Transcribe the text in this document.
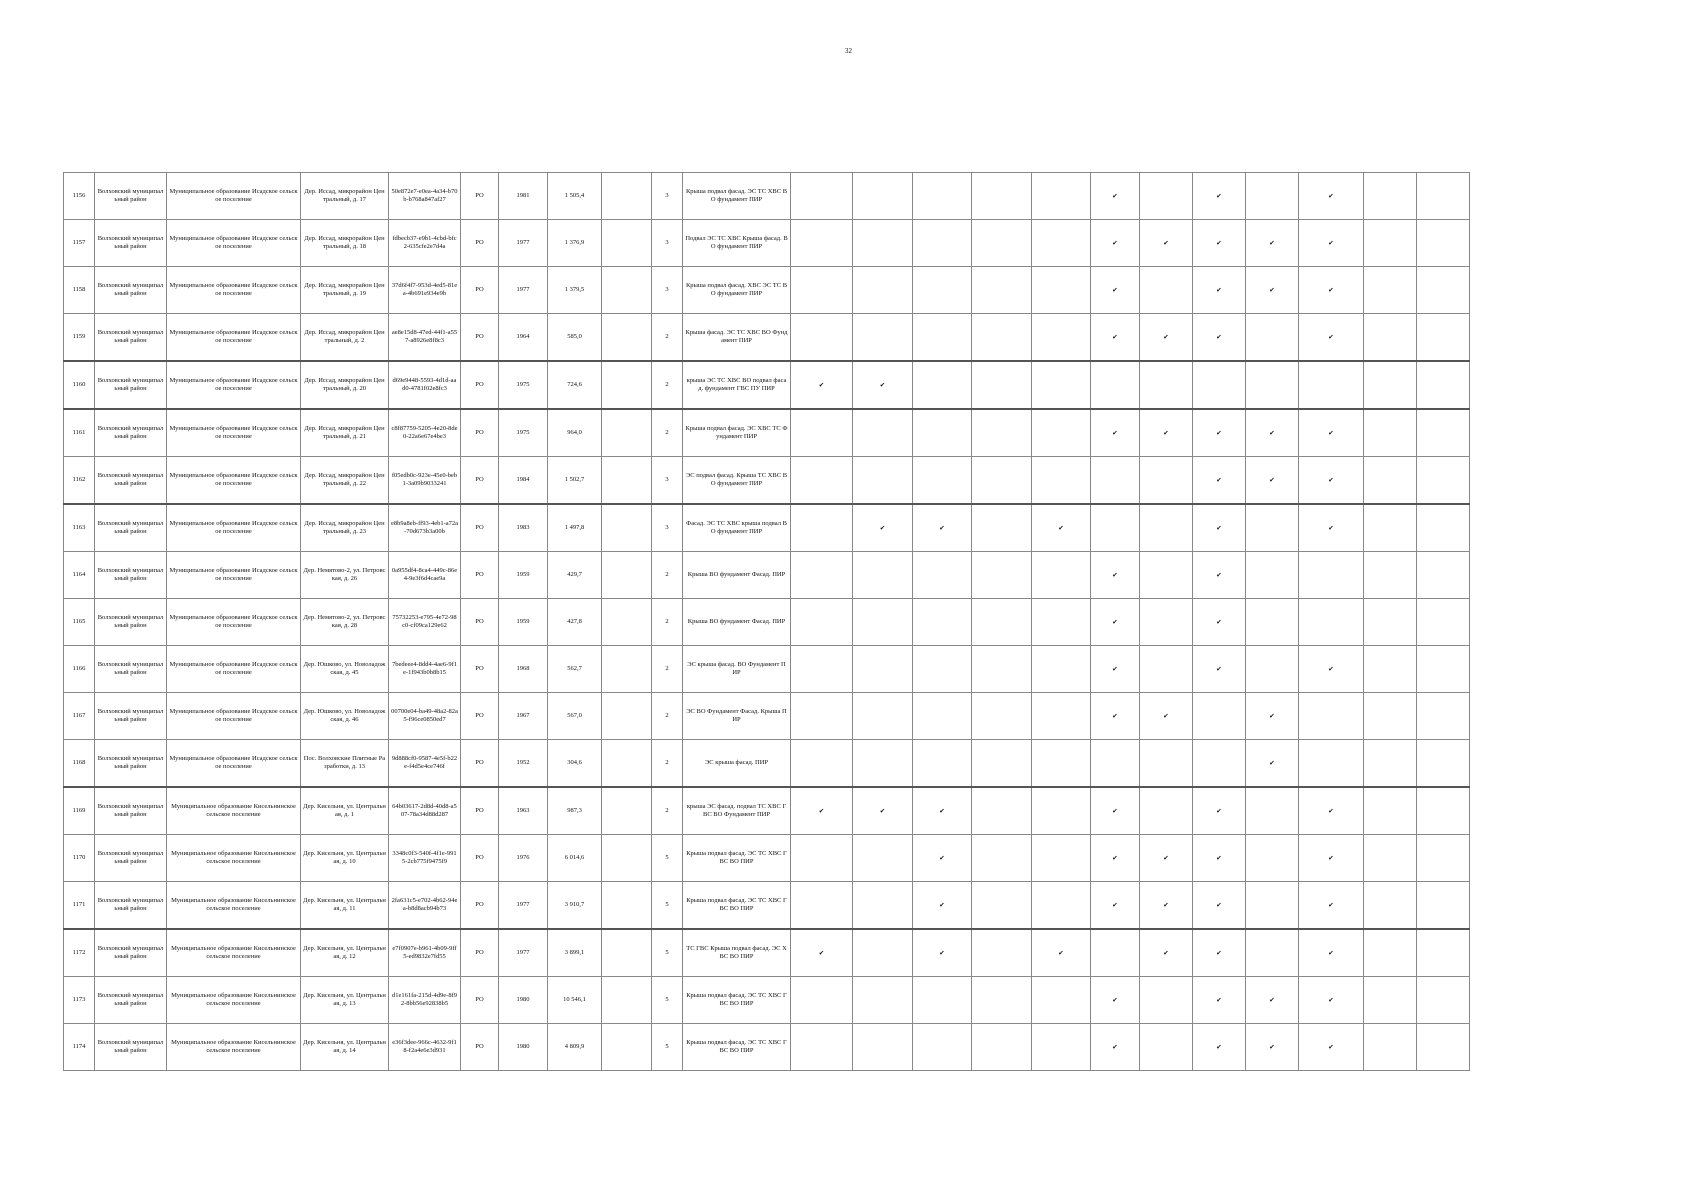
32
1156	Волховский муниципальный район	Муниципальное образование Исадское сельское поселение	Дер. Иссад, микрорайон Центральный, д. 17	50e872e7-e0ea-4a34-b70b-b768a847af27	РО	1981	1 505,4		3	Крыша подвал фасад. ЭС ТС ХВС ВО фундамент ПИР						✔		✔		✔		
1157	Волховский муниципальный район	Муниципальное образование Исадское сельское поселение	Дер. Иссад, микрорайон Центральный, д. 18	fdbecb37-e9b1-4cbd-bfc2-635cfe2e7d4a	РО	1977	1 376,9		3	Подвал ЭС ТС ХВС Крыша фасад. ВО фундамент ПИР						✔	✔	✔	✔	✔		
1158	Волховский муниципальный район	Муниципальное образование Исадское сельское поселение	Дер. Иссад, микрорайон Центральный, д. 19	37d6f4f7-953d-4ed5-81ea-4b691e934e9b	РО	1977	1 379,5		3	Крыша подвал фасад. ХВС ЭС ТС ВО фундамент ПИР						✔		✔	✔	✔		
1159	Волховский муниципальный район	Муниципальное образование Исадское сельское поселение	Дер. Иссад, микрорайон Центральный, д. 2	ae8e15d8-47ed-44f1-a557-a8926e8f8c3	РО	1964	585,0		2	Крыша фасад. ЭС ТС ХВС ВО Фундамент ПИР						✔	✔	✔		✔		
1160	Волховский муниципальный район	Муниципальное образование Исадское сельское поселение	Дер. Иссад, микрорайон Центральный, д. 20	d69e9448-5593-4d1d-aad0-4781f02e8fc3	РО	1975	724,6		2	крыша ЭС ТС ХВС ВО подвал фасад. фундамент ГВС ПУ ПИР	✔	✔										
1161	Волховский муниципальный район	Муниципальное образование Исадское сельское поселение	Дер. Иссад, микрорайон Центральный, д. 21	c8f87759-5205-4e20-8de0-22a6e67e4be3	РО	1975	964,0		2	Крыша подвал фасад. ЭС ХВС ТС Фундамент ПИР						✔	✔	✔	✔	✔		
1162	Волховский муниципальный район	Муниципальное образование Исадское сельское поселение	Дер. Иссад, микрорайон Центральный, д. 22	f05edb0c-923e-45e0-beb1-3a09b9033241	РО	1984	1 502,7		3	ЭС подвал фасад. Крыша ТС ХВС ВО фундамент ПИР								✔	✔	✔		
1163	Волховский муниципальный район	Муниципальное образование Исадское сельское поселение	Дер. Иссад, микрорайон Центральный, д. 23	e8b9a8eb-ff93-4eb1-a72a-70d673b3a00b	РО	1983	1 497,8		3	Фасад. ЭС ТС ХВС крыша подвал ВО фундамент ПИР		✔	✔		✔			✔		✔		
1164	Волховский муниципальный район	Муниципальное образование Исадское сельское поселение	Дер. Немятово-2, ул. Петровская, д. 26	0a955df4-8ca4-449c-86e4-9e3f6d4cae9a	РО	1959	429,7		2	Крыша ВО фундамент Фасад. ПИР						✔		✔				
1165	Волховский муниципальный район	Муниципальное образование Исадское сельское поселение	Дер. Немятово-2, ул. Петровская, д. 28	75732253-e795-4e72-98c0-cf09ca129e62	РО	1959	427,8		2	Крыша ВО фундамент Фасад. ПИР						✔		✔				
1166	Волховский муниципальный район	Муниципальное образование Исадское сельское поселение	Дер. Юшково, ул. Новоладожская, д. 45	7bedeee4-8dd4-4ae6-9f1e-1f943b0b8b15	РО	1968	562,7		2	ЭС крыша фасад. ВО Фундамент ПИР						✔		✔		✔		
1167	Волховский муниципальный район	Муниципальное образование Исадское сельское поселение	Дер. Юшково, ул. Новоладожская, д. 46	00700e04-ba49-48a2-82a5-f96ce0850ed7	РО	1967	567,0		2	ЭС ВО Фундамент Фасад. Крыша ПИР						✔	✔		✔			
1168	Волховский муниципальный район	Муниципальное образование Исадское сельское поселение	Пос. Волховские Плитные Разработки, д. 13	9d888cf0-9587-4e5f-b22e-f4d5e4ce746f	РО	1952	304,6		2	ЭС крыша фасад. ПИР									✔			
1169	Волховский муниципальный район	Муниципальное образование Кисельнинское сельское поселение	Дер. Кисельня, ул. Центральная, д. 1	64b03617-2d8d-40d8-a507-78a34d88d287	РО	1963	987,3		2	крыша ЭС фасад. подвал ТС ХВС ГВС ВО Фундамент ПИР	✔	✔	✔			✔		✔		✔		
1170	Волховский муниципальный район	Муниципальное образование Кисельнинское сельское поселение	Дер. Кисельня, ул. Центральная, д. 10	3348c0f3-540f-4f1e-9915-2cb775f9475f9	РО	1976	6 014,6		5	Крыша подвал фасад. ЭС ТС ХВС ГВС ВО ПИР			✔			✔	✔	✔		✔		
1171	Волховский муниципальный район	Муниципальное образование Кисельнинское сельское поселение	Дер. Кисельня, ул. Центральная, д. 11	2fa631c5-e702-4b62-94ea-b8d8acb94b73	РО	1977	3 910,7		5	Крыша подвал фасад. ЭС ТС ХВС ГВС ВО ПИР			✔			✔	✔	✔		✔		
1172	Волховский муниципальный район	Муниципальное образование Кисельнинское сельское поселение	Дер. Кисельня, ул. Центральная, д. 12	e7f0907e-b961-4b09-9ff5-ed9832e7fd55	РО	1977	3 899,1		5	ТС ГВС Крыша подвал фасад. ЭС ХВС ВО ПИР	✔		✔		✔		✔	✔		✔		
1173	Волховский муниципальный район	Муниципальное образование Кисельнинское сельское поселение	Дер. Кисельня, ул. Центральная, д. 13	d1e161fa-215d-4d9e-8f92-8bb56e92838b5	РО	1980	10 546,1		5	Крыша подвал фасад. ЭС ТС ХВС ГВС ВО ПИР						✔		✔	✔	✔		
1174	Волховский муниципальный район	Муниципальное образование Кисельнинское сельское поселение	Дер. Кисельня, ул. Центральная, д. 14	e36f3dee-966c-4632-9f18-f2a4e6e3d931	РО	1980	4 809,9		5	Крыша подвал фасад. ЭС ТС ХВС ГВС ВО ПИР						✔		✔	✔	✔		
